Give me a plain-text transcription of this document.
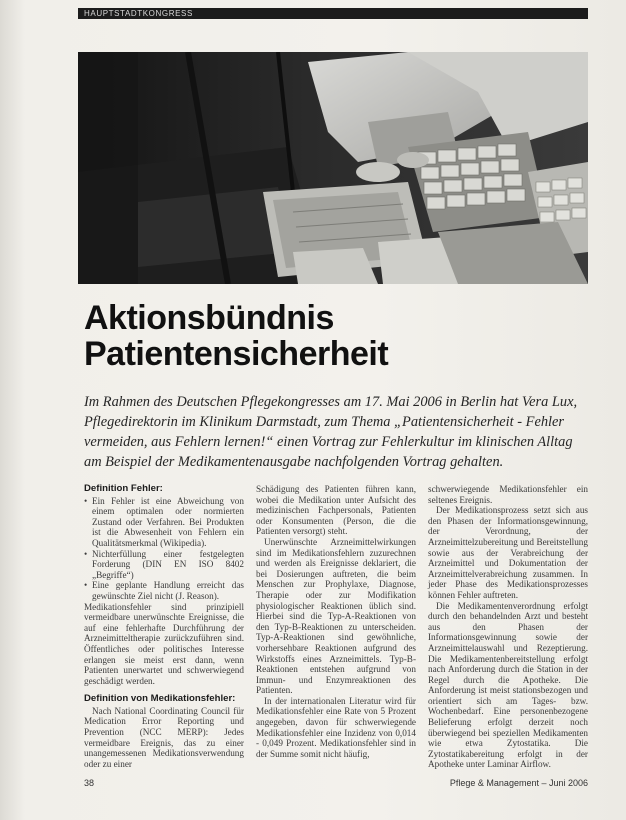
HAUPTSTADTKONGRESS
Aktionsbündnis
Patientensicherheit
Im Rahmen des Deutschen Pflegekongresses am 17. Mai 2006 in Berlin hat Vera Lux, Pflegedirektorin im Klinikum Darmstadt, zum Thema „Patientensicherheit - Fehler vermeiden, aus Fehlern lernen!“ einen Vortrag zur Fehlerkultur im klinischen Alltag am Beispiel der Medikamentenausgabe nachfolgenden Vortrag gehalten.
Definition Fehler:
• Ein Fehler ist eine Abweichung von einem optimalen oder normierten Zustand oder Verfahren. Bei Produkten ist die Abwesenheit von Fehlern ein Qualitätsmerkmal (Wikipedia).
• Nichterfüllung einer festgelegten Forderung (DIN EN ISO 8402 „Begriffe“)
• Eine geplante Handlung erreicht das gewünschte Ziel nicht (J. Reason).

Medikationsfehler sind prinzipiell vermeidbare unerwünschte Ereignisse, die auf eine fehlerhafte Durchführung der Arzneimitteltherapie zurückzuführen sind. Öffentliches oder politisches Interesse erlangen sie meist erst dann, wenn Patienten unerwartet und schwerwiegend geschädigt werden.

Definition von Medikationsfehler:

Nach National Coordinating Council für Medication Error Reporting und Prevention (NCC MERP): Jedes vermeidbare Ereignis, das zu einer unangemessenen Medikationsverwendung oder zu einer

Schädigung des Patienten führen kann, wobei die Medikation unter Aufsicht des medizinischen Fachpersonals, Patienten oder Konsumenten (Person, die die Patienten versorgt) steht.

Unerwünschte Arzneimittelwirkungen sind im Medikationsfehlern zuzurechnen und werden als Ereignisse deklariert, die bei Dosierungen auftreten, die beim Menschen zur Prophylaxe, Diagnose, Therapie oder zur Modifikation physiologischer Reaktionen üblich sind. Hierbei sind die Typ-A-Reaktionen von den Typ-B-Reaktionen zu unterscheiden. Typ-A-Reaktionen sind gewöhnliche, vorhersehbare Reaktionen aufgrund des Wirkstoffs eines Arzneimittels. Typ-B-Reaktionen entstehen aufgrund von Immun- und Enzymreaktionen des Patienten.

In der internationalen Literatur wird für Medikationsfehler eine Rate von 5 Prozent angegeben, davon für schwerwiegende Medikationsfehler eine Inzidenz von 0,014 - 0,049 Prozent. Medikationsfehler sind in der Summe somit nicht häufig,

schwerwiegende Medikationsfehler ein seltenes Ereignis.

Der Medikationsprozess setzt sich aus den Phasen der Informationsgewinnung, der Verordnung, der Arzneimittelzubereitung und Bereitstellung sowie aus der Verabreichung der Arzneimittel und Dokumentation der Arzneimittelverabreichung zusammen. In jeder Phase des Medikationsprozesses können Fehler auftreten.

Die Medikamentenverordnung erfolgt durch den behandelnden Arzt und besteht aus den Phasen der Informationsgewinnung sowie der Arzneimittelauswahl und Rezeptierung. Die Medikamentenbereitstellung erfolgt nach Anforderung durch die Station in der Regel durch die Apotheke. Die Anforderung ist meist stationsbezogen und orientiert sich am Tages- bzw. Wochenbedarf. Eine personenbezogene Belieferung erfolgt derzeit noch überwiegend bei speziellen Medikamenten wie etwa Zytostatika. Die Zytostatikabereitung erfolgt in der Apotheke unter Laminar Airflow.

38	Pflege & Management – Juni 2006
